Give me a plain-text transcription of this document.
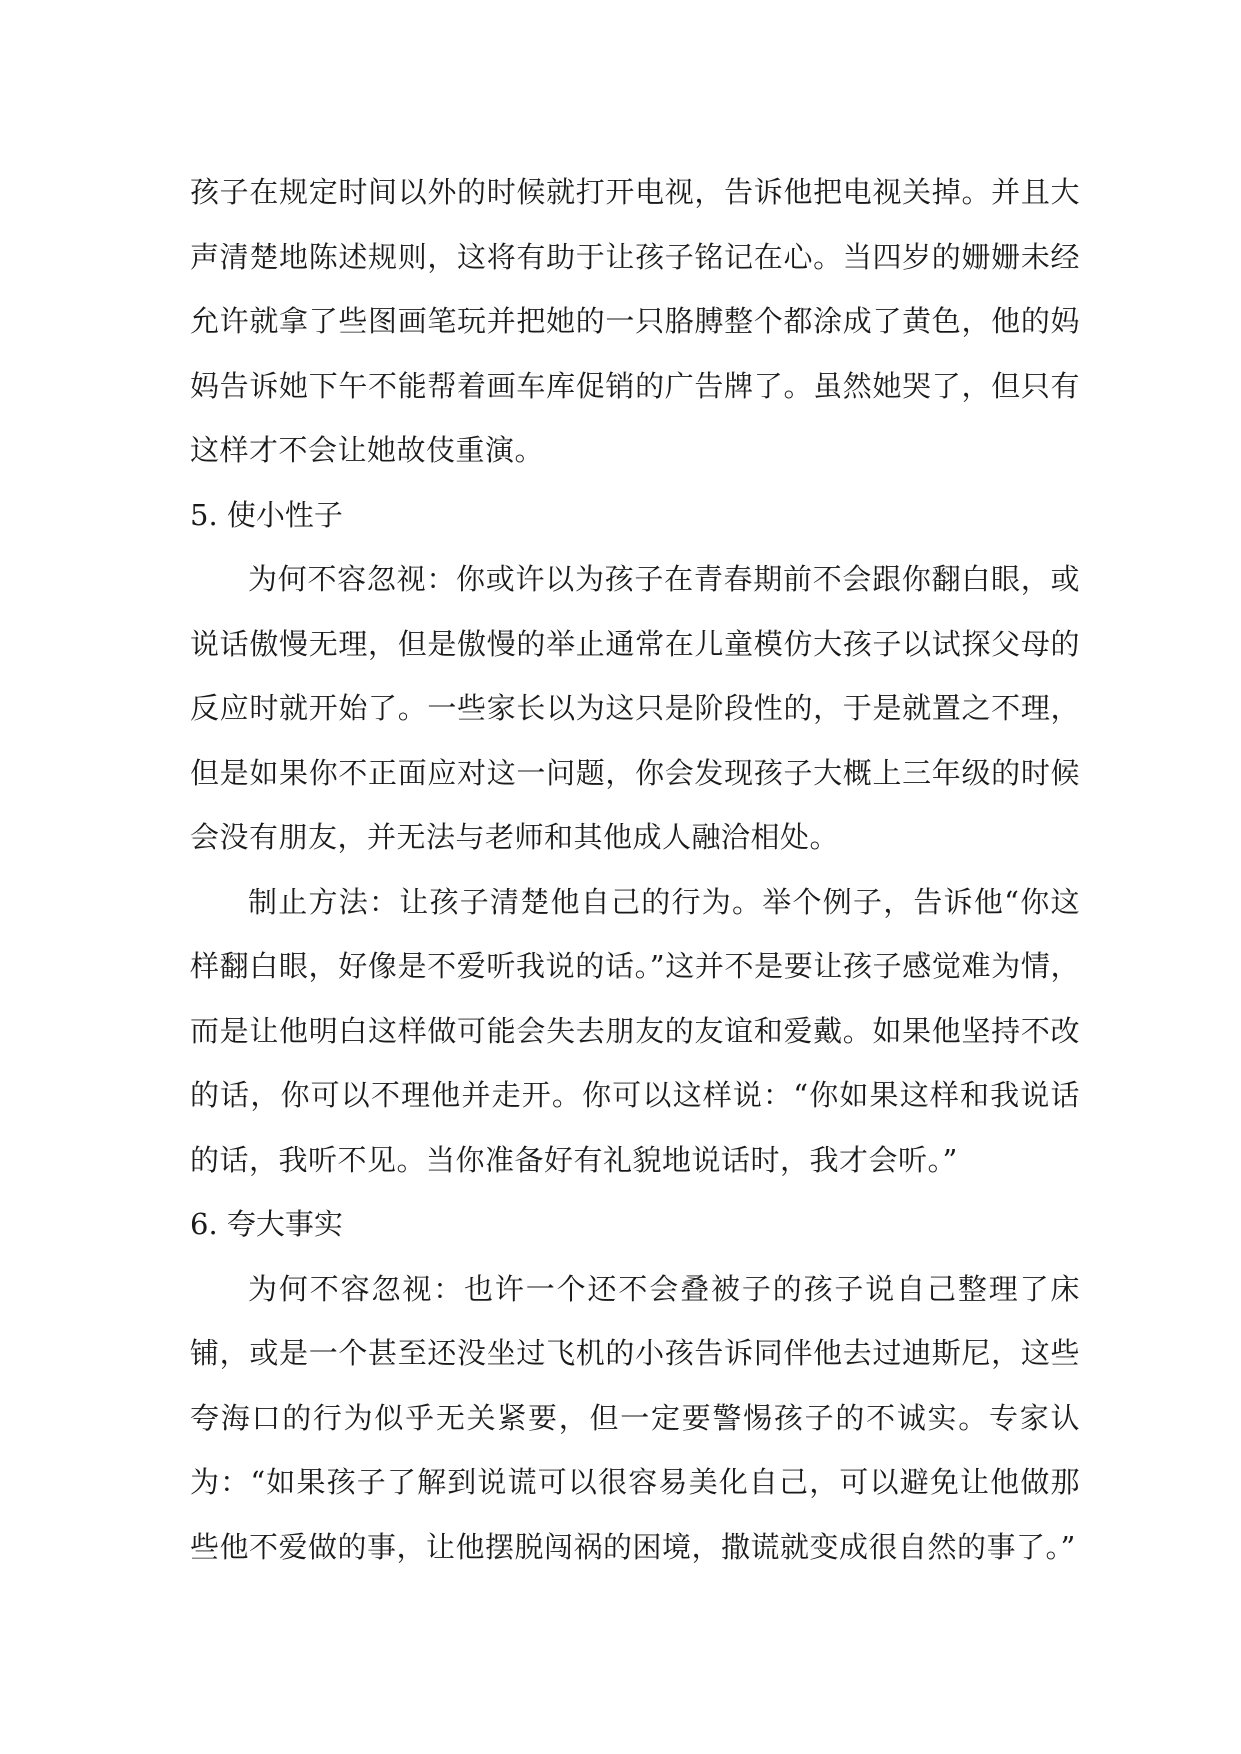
孩子在规定时间以外的时候就打开电视，告诉他把电视关掉。并且大声清楚地陈述规则，这将有助于让孩子铭记在心。当四岁的姗姗未经允许就拿了些图画笔玩并把她的一只胳膊整个都涂成了黄色，他的妈妈告诉她下午不能帮着画车库促销的广告牌了。虽然她哭了，但只有这样才不会让她故伎重演。

5. 使小性子

为何不容忽视：你或许以为孩子在青春期前不会跟你翻白眼，或说话傲慢无理，但是傲慢的举止通常在儿童模仿大孩子以试探父母的反应时就开始了。一些家长以为这只是阶段性的，于是就置之不理，但是如果你不正面应对这一问题，你会发现孩子大概上三年级的时候会没有朋友，并无法与老师和其他成人融洽相处。

制止方法：让孩子清楚他自己的行为。举个例子，告诉他“你这样翻白眼，好像是不爱听我说的话。”这并不是要让孩子感觉难为情，而是让他明白这样做可能会失去朋友的友谊和爱戴。如果他坚持不改的话，你可以不理他并走开。你可以这样说：“你如果这样和我说话的话，我听不见。当你准备好有礼貌地说话时，我才会听。”

6. 夸大事实

为何不容忽视：也许一个还不会叠被子的孩子说自己整理了床铺，或是一个甚至还没坐过飞机的小孩告诉同伴他去过迪斯尼，这些夸海口的行为似乎无关紧要，但一定要警惕孩子的不诚实。专家认为：“如果孩子了解到说谎可以很容易美化自己，可以避免让他做那些他不爱做的事，让他摆脱闯祸的困境，撒谎就变成很自然的事了。”
